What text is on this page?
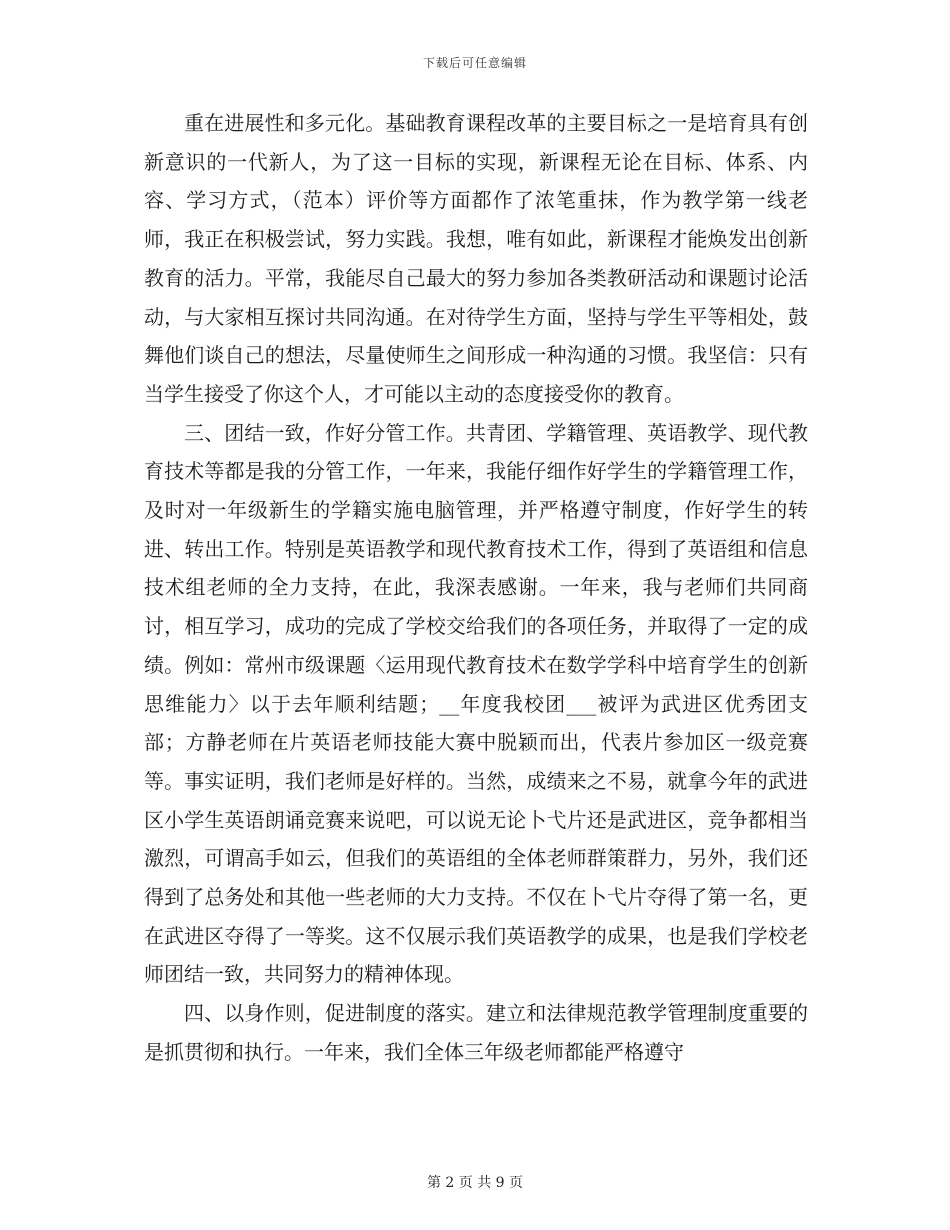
下载后可任意编辑

重在进展性和多元化。基础教育课程改革的主要目标之一是培育具有创新意识的一代新人，为了这一目标的实现，新课程无论在目标、体系、内容、学习方式，（范本）评价等方面都作了浓笔重抹，作为教学第一线老师，我正在积极尝试，努力实践。我想，唯有如此，新课程才能焕发出创新教育的活力。平常，我能尽自己最大的努力参加各类教研活动和课题讨论活动，与大家相互探讨共同沟通。在对待学生方面，坚持与学生平等相处，鼓舞他们谈自己的想法，尽量使师生之间形成一种沟通的习惯。我坚信：只有当学生接受了你这个人，才可能以主动的态度接受你的教育。

三、团结一致，作好分管工作。共青团、学籍管理、英语教学、现代教育技术等都是我的分管工作，一年来，我能仔细作好学生的学籍管理工作，及时对一年级新生的学籍实施电脑管理，并严格遵守制度，作好学生的转进、转出工作。特别是英语教学和现代教育技术工作，得到了英语组和信息技术组老师的全力支持，在此，我深表感谢。一年来，我与老师们共同商讨，相互学习，成功的完成了学校交给我们的各项任务，并取得了一定的成绩。例如：常州市级课题〈运用现代教育技术在数学学科中培育学生的创新思维能力〉以于去年顺利结题；__年度我校团___被评为武进区优秀团支部；方静老师在片英语老师技能大赛中脱颖而出，代表片参加区一级竞赛等。事实证明，我们老师是好样的。当然，成绩来之不易，就拿今年的武进区小学生英语朗诵竞赛来说吧，可以说无论卜弋片还是武进区，竞争都相当激烈，可谓高手如云，但我们的英语组的全体老师群策群力，另外，我们还得到了总务处和其他一些老师的大力支持。不仅在卜弋片夺得了第一名，更在武进区夺得了一等奖。这不仅展示我们英语教学的成果，也是我们学校老师团结一致，共同努力的精神体现。

四、以身作则，促进制度的落实。建立和法律规范教学管理制度重要的是抓贯彻和执行。一年来，我们全体三年级老师都能严格遵守

第 2 页 共 9 页
